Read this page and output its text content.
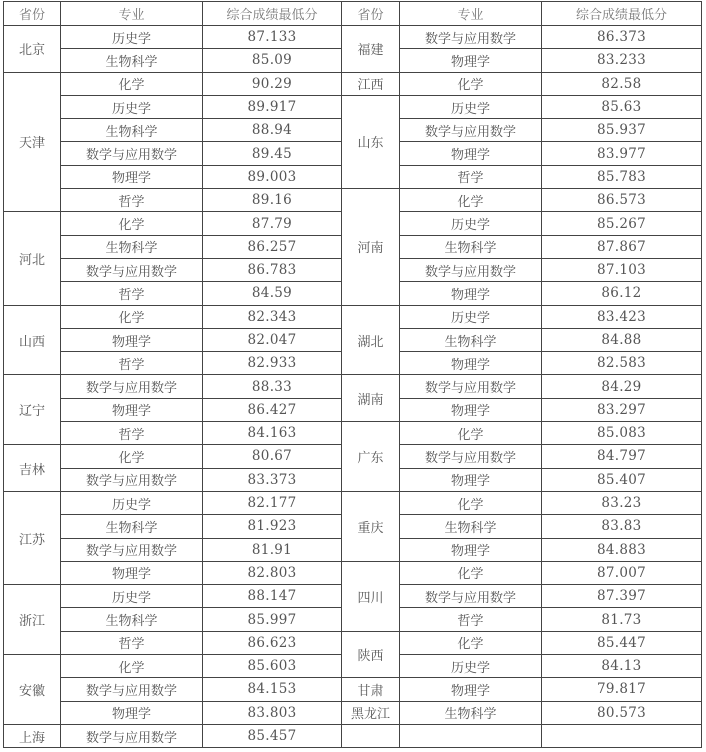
省份	专业	综合成绩最低分
北京	历史学	87.133
	生物科学	85.09
天津	化学	90.29
	历史学	89.917
	生物科学	88.94
	数学与应用数学	89.45
	物理学	89.003
	哲学	89.16
河北	化学	87.79
	生物科学	86.257
	数学与应用数学	86.783
	哲学	84.59
山西	化学	82.343
	物理学	82.047
	哲学	82.933
辽宁	数学与应用数学	88.33
	物理学	86.427
	哲学	84.163
吉林	化学	80.67
	数学与应用数学	83.373
江苏	历史学	82.177
	生物科学	81.923
	数学与应用数学	81.91
	物理学	82.803
浙江	历史学	88.147
	生物科学	85.997
	哲学	86.623
安徽	化学	85.603
	数学与应用数学	84.153
	物理学	83.803
上海	数学与应用数学	85.457
省份	专业	综合成绩最低分
福建	数学与应用数学	86.373
	物理学	83.233
江西	化学	82.58
山东	历史学	85.63
	数学与应用数学	85.937
	物理学	83.977
	哲学	85.783
河南	化学	86.573
	历史学	85.267
	生物科学	87.867
	数学与应用数学	87.103
	物理学	86.12
湖北	历史学	83.423
	生物科学	84.88
	物理学	82.583
湖南	数学与应用数学	84.29
	物理学	83.297
广东	化学	85.083
	数学与应用数学	84.797
	物理学	85.407
重庆	化学	83.23
	生物科学	83.83
	物理学	84.883
四川	化学	87.007
	数学与应用数学	87.397
	哲学	81.73
陕西	化学	85.447
	历史学	84.13
甘肃	物理学	79.817
黑龙江	生物科学	80.573
